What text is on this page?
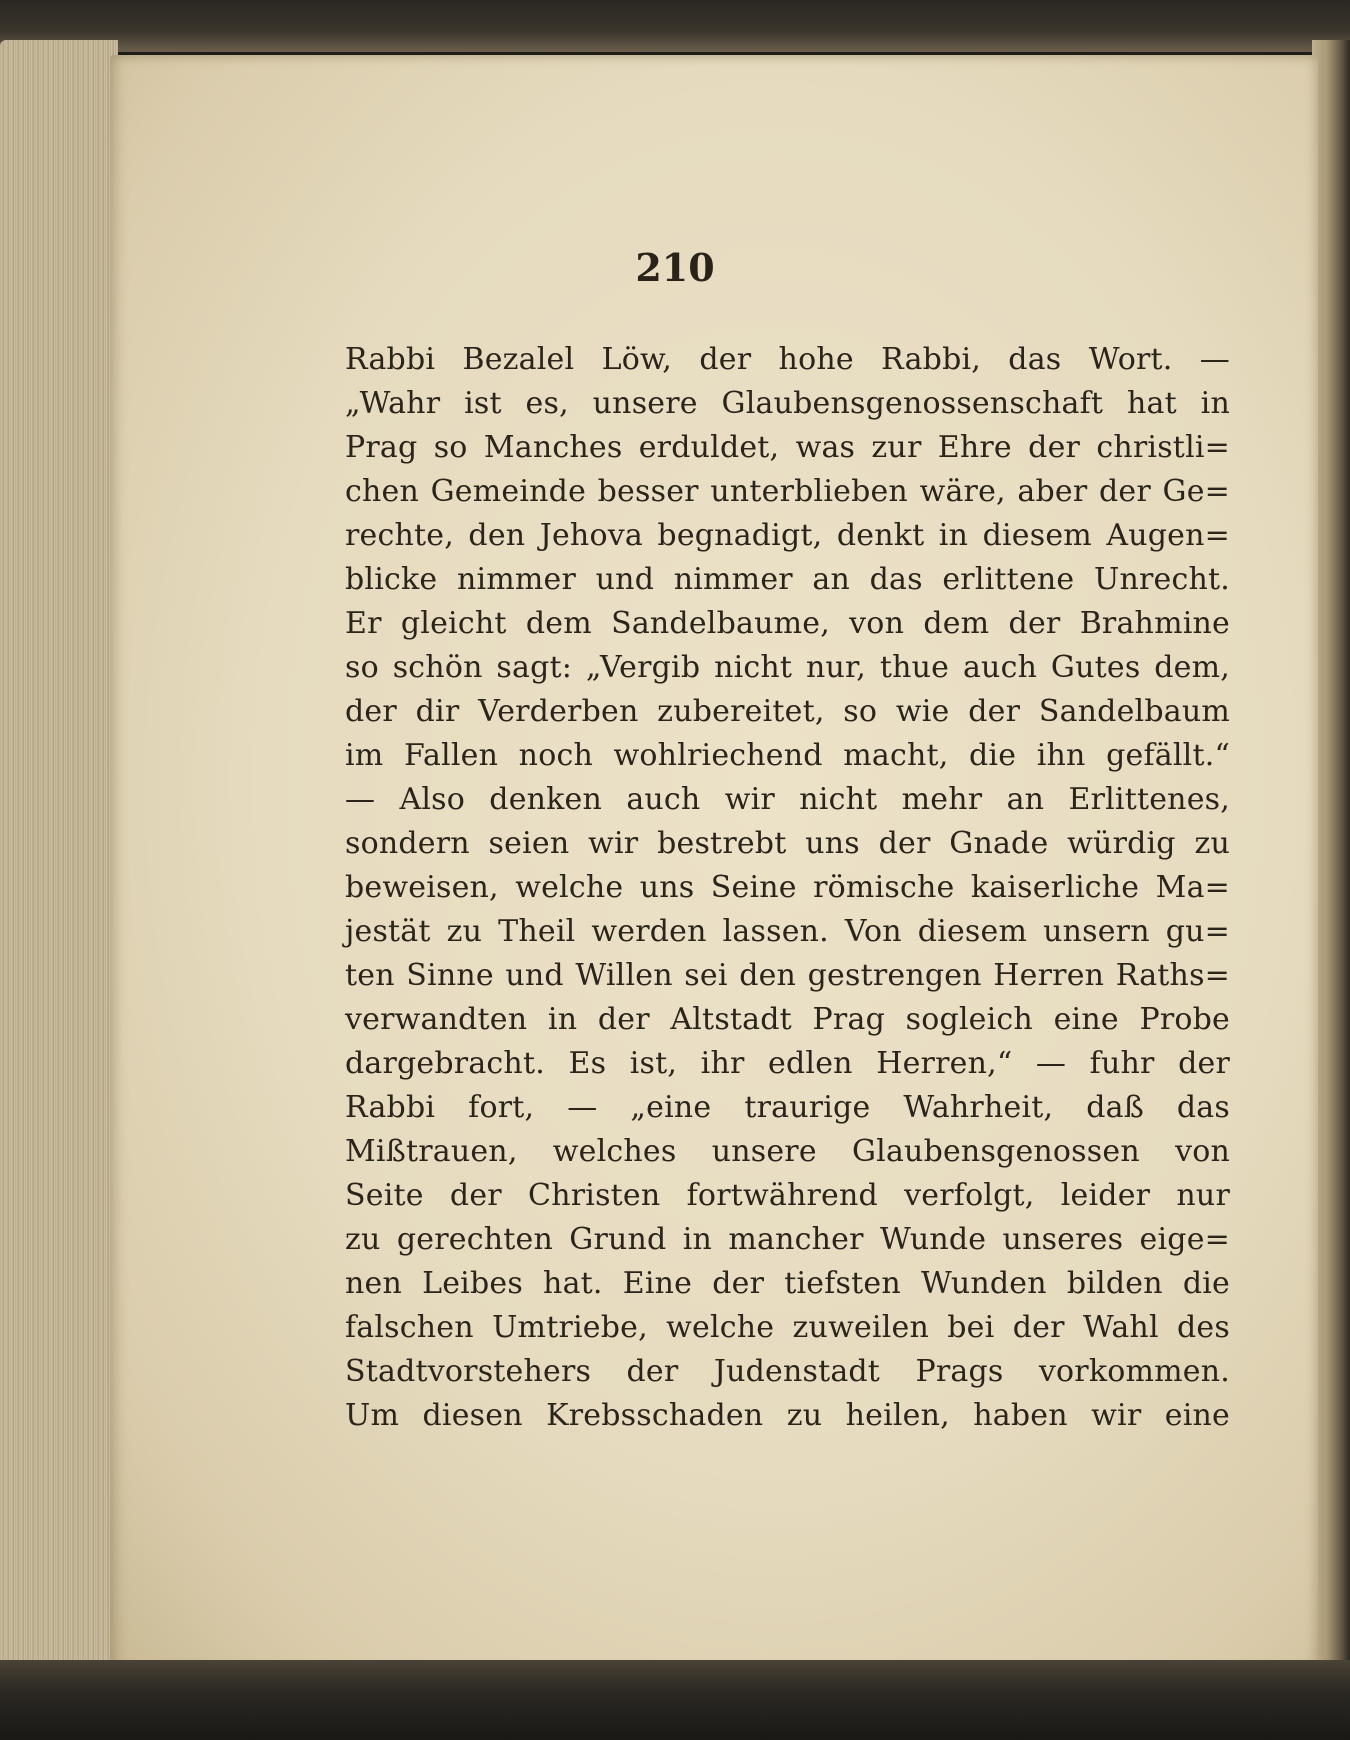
210
Rabbi Bezalel Löw, der hohe Rabbi, das Wort. —
„Wahr ist es, unsere Glaubensgenossenschaft hat in
Prag so Manches erduldet, was zur Ehre der christli=
chen Gemeinde besser unterblieben wäre, aber der Ge=
rechte, den Jehova begnadigt, denkt in diesem Augen=
blicke nimmer und nimmer an das erlittene Unrecht.
Er gleicht dem Sandelbaume, von dem der Brahmine
so schön sagt: „Vergib nicht nur, thue auch Gutes dem,
der dir Verderben zubereitet, so wie der Sandelbaum
im Fallen noch wohlriechend macht, die ihn gefällt.“
— Also denken auch wir nicht mehr an Erlittenes,
sondern seien wir bestrebt uns der Gnade würdig zu
beweisen, welche uns Seine römische kaiserliche Ma=
jestät zu Theil werden lassen. Von diesem unsern gu=
ten Sinne und Willen sei den gestrengen Herren Raths=
verwandten in der Altstadt Prag sogleich eine Probe
dargebracht. Es ist, ihr edlen Herren,“ — fuhr der
Rabbi fort, — „eine traurige Wahrheit, daß das
Mißtrauen, welches unsere Glaubensgenossen von
Seite der Christen fortwährend verfolgt, leider nur
zu gerechten Grund in mancher Wunde unseres eige=
nen Leibes hat. Eine der tiefsten Wunden bilden die
falschen Umtriebe, welche zuweilen bei der Wahl des
Stadtvorstehers der Judenstadt Prags vorkommen.
Um diesen Krebsschaden zu heilen, haben wir eine
